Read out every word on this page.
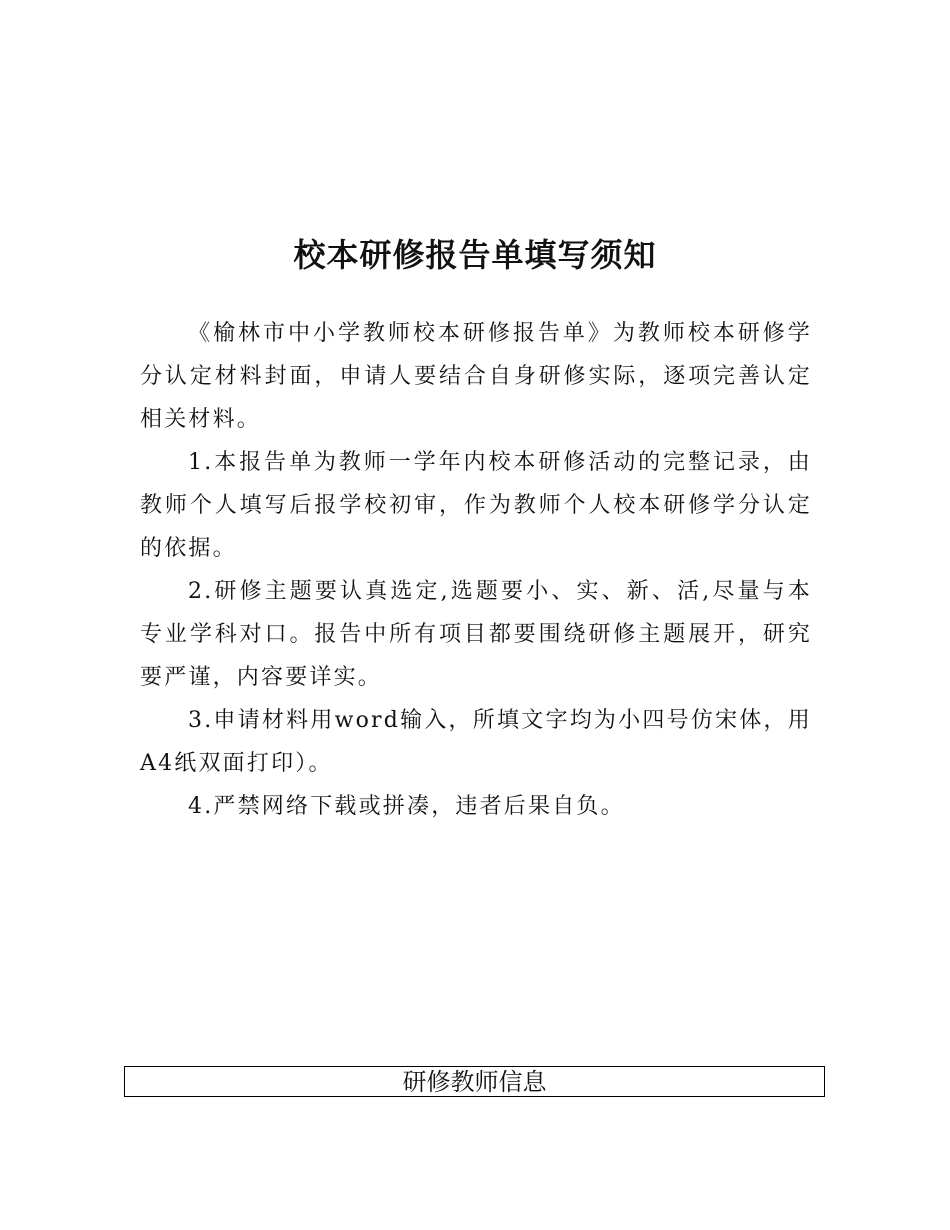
校本研修报告单填写须知

《榆林市中小学教师校本研修报告单》为教师校本研修学分认定材料封面，申请人要结合自身研修实际，逐项完善认定相关材料。

1.本报告单为教师一学年内校本研修活动的完整记录，由教师个人填写后报学校初审，作为教师个人校本研修学分认定的依据。

2.研修主题要认真选定,选题要小、实、新、活,尽量与本专业学科对口。报告中所有项目都要围绕研修主题展开，研究要严谨，内容要详实。

3.申请材料用word输入，所填文字均为小四号仿宋体，用A4纸双面打印）。

4.严禁网络下载或拼凑，违者后果自负。

研修教师信息
